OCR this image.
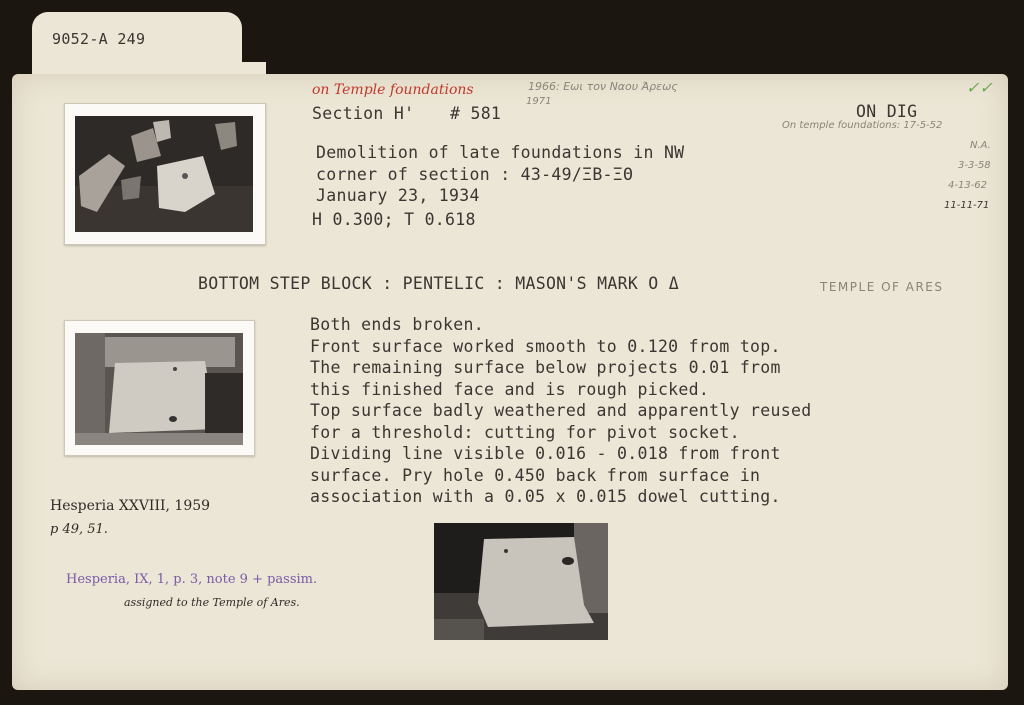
9052-A 249
on Temple foundations	1966: Εωι τον Ναου Άρεως
1971
Section H' # 581	ON DIG
✓✓
On temple foundations: 17-5-52
N.A.
3-3-58
4-13-62
11-11-71
Demolition of late foundations in NW
corner of section : 43-49/ΞB-ΞΘ
January 23, 1934
H 0.300; T 0.618
BOTTOM STEP BLOCK : PENTELIC : MASON'S MARK O Δ	TEMPLE OF ARES
Both ends broken.
Front surface worked smooth to 0.120 from top.
The remaining surface below projects 0.01 from
this finished face and is rough picked.
Top surface badly weathered and apparently reused
for a threshold: cutting for pivot socket.
Dividing line visible 0.016 - 0.018 from front
surface. Pry hole 0.450 back from surface in
association with a 0.05 x 0.015 dowel cutting.
Hesperia XXVIII, 1959
p 49, 51.
Hesperia, IX, 1, p. 3, note 9 + passim.
assigned to the Temple of Ares.
